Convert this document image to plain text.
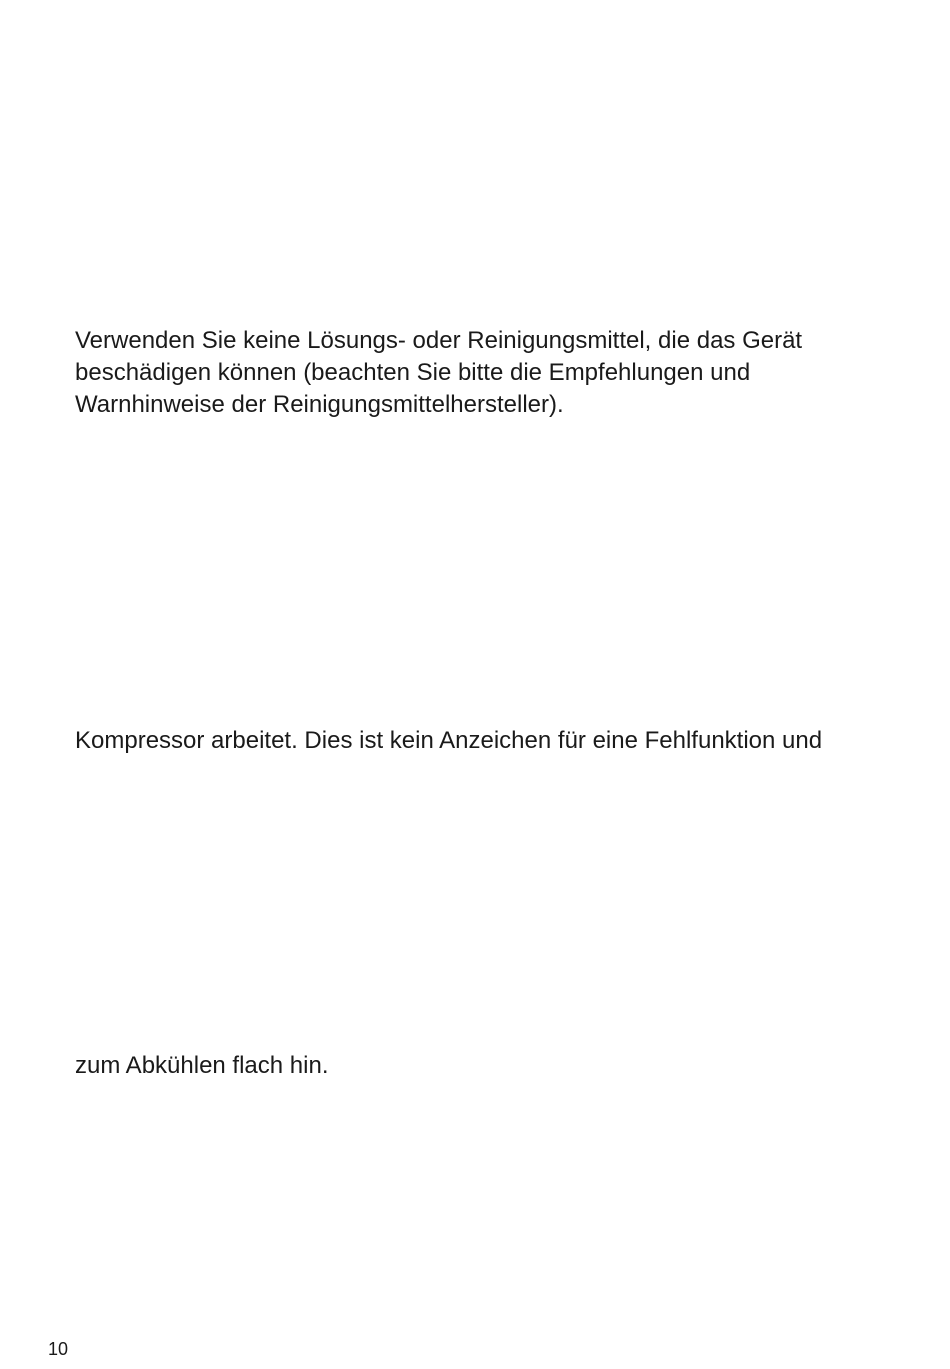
Verwenden Sie keine Lösungs- oder Reinigungsmittel, die das Gerät
beschädigen können (beachten Sie bitte die Empfehlungen und
Warnhinweise der Reinigungsmittelhersteller).

Kompressor arbeitet. Dies ist kein Anzeichen für eine Fehlfunktion und

zum Abkühlen flach hin.

10
